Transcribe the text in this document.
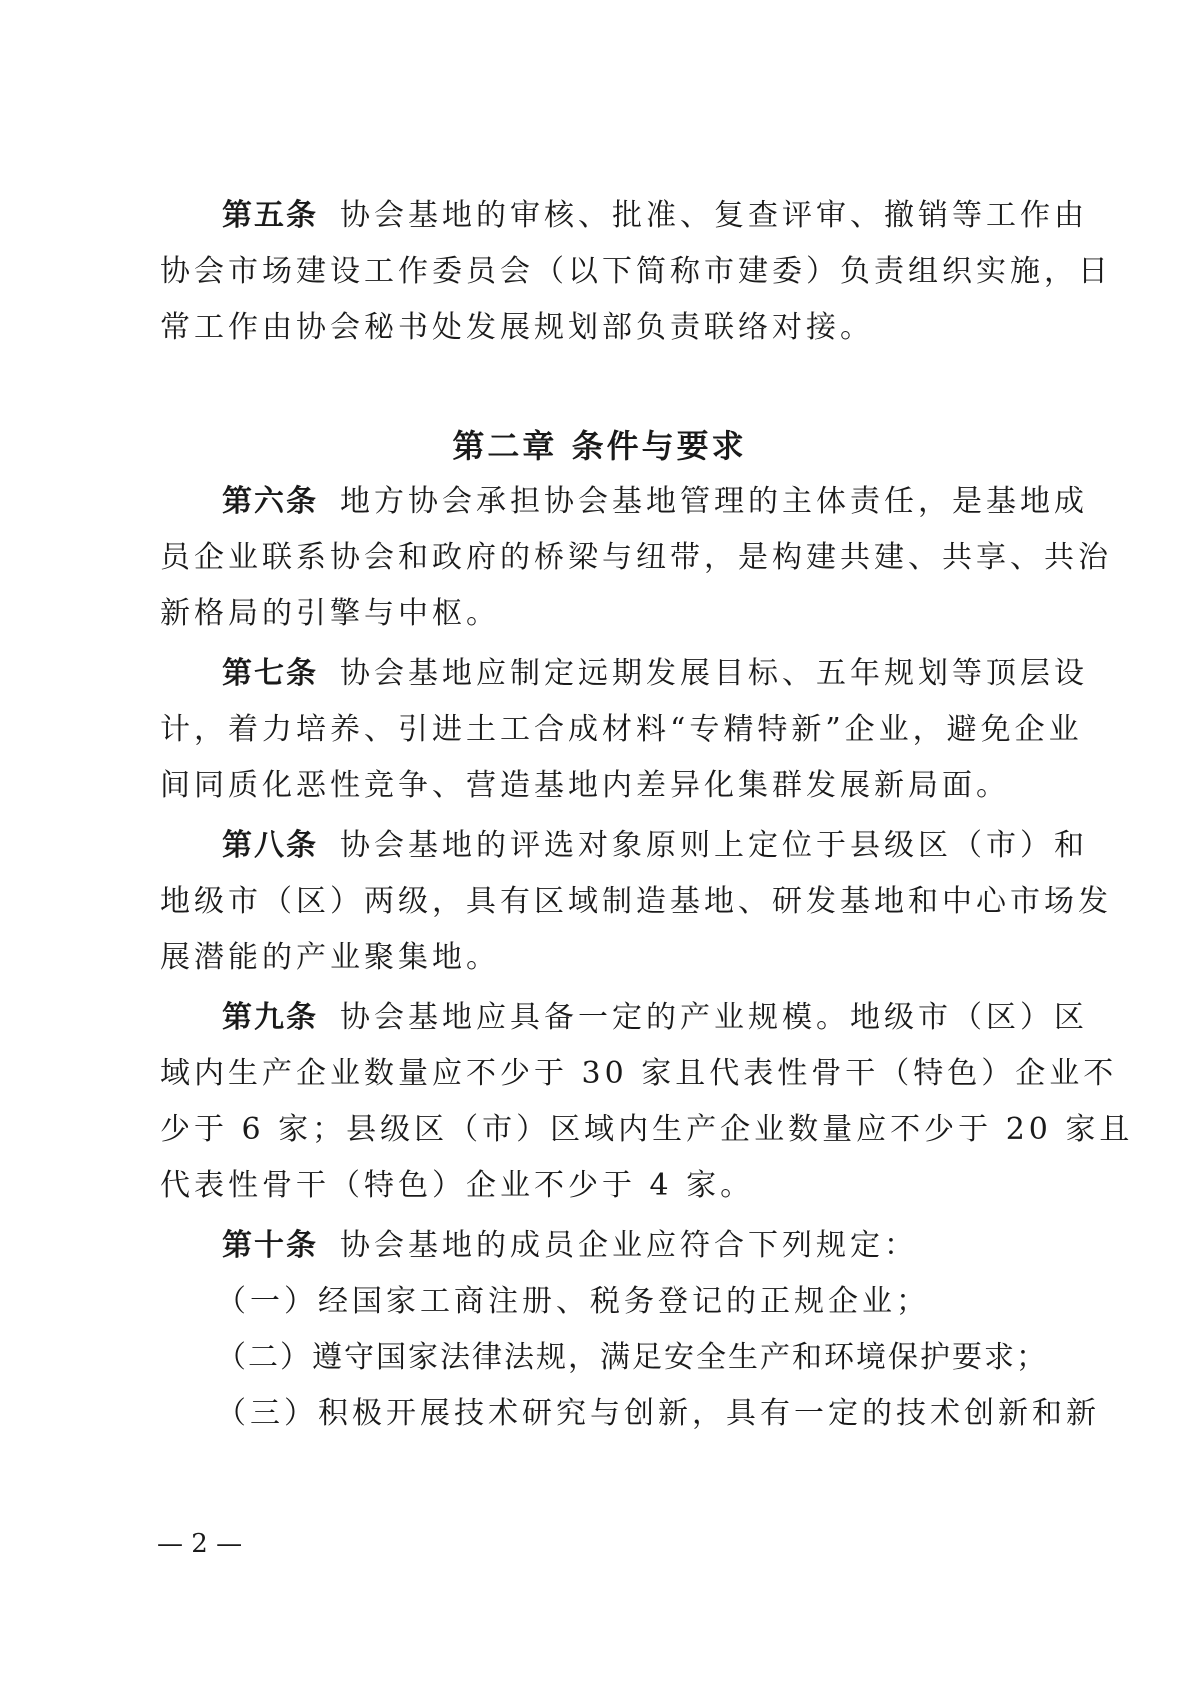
第五条 协会基地的审核、批准、复查评审、撤销等工作由
协会市场建设工作委员会（以下简称市建委）负责组织实施，日
常工作由协会秘书处发展规划部负责联络对接。
第二章 条件与要求
第六条 地方协会承担协会基地管理的主体责任，是基地成
员企业联系协会和政府的桥梁与纽带，是构建共建、共享、共治
新格局的引擎与中枢。
第七条 协会基地应制定远期发展目标、五年规划等顶层设
计，着力培养、引进土工合成材料“专精特新”企业，避免企业
间同质化恶性竞争、营造基地内差异化集群发展新局面。
第八条 协会基地的评选对象原则上定位于县级区（市）和
地级市（区）两级，具有区域制造基地、研发基地和中心市场发
展潜能的产业聚集地。
第九条 协会基地应具备一定的产业规模。地级市（区）区
域内生产企业数量应不少于 30 家且代表性骨干（特色）企业不
少于 6 家；县级区（市）区域内生产企业数量应不少于 20 家且
代表性骨干（特色）企业不少于 4 家。
第十条 协会基地的成员企业应符合下列规定：
（一）经国家工商注册、税务登记的正规企业；
（二）遵守国家法律法规，满足安全生产和环境保护要求；
（三）积极开展技术研究与创新，具有一定的技术创新和新
— 2 —
